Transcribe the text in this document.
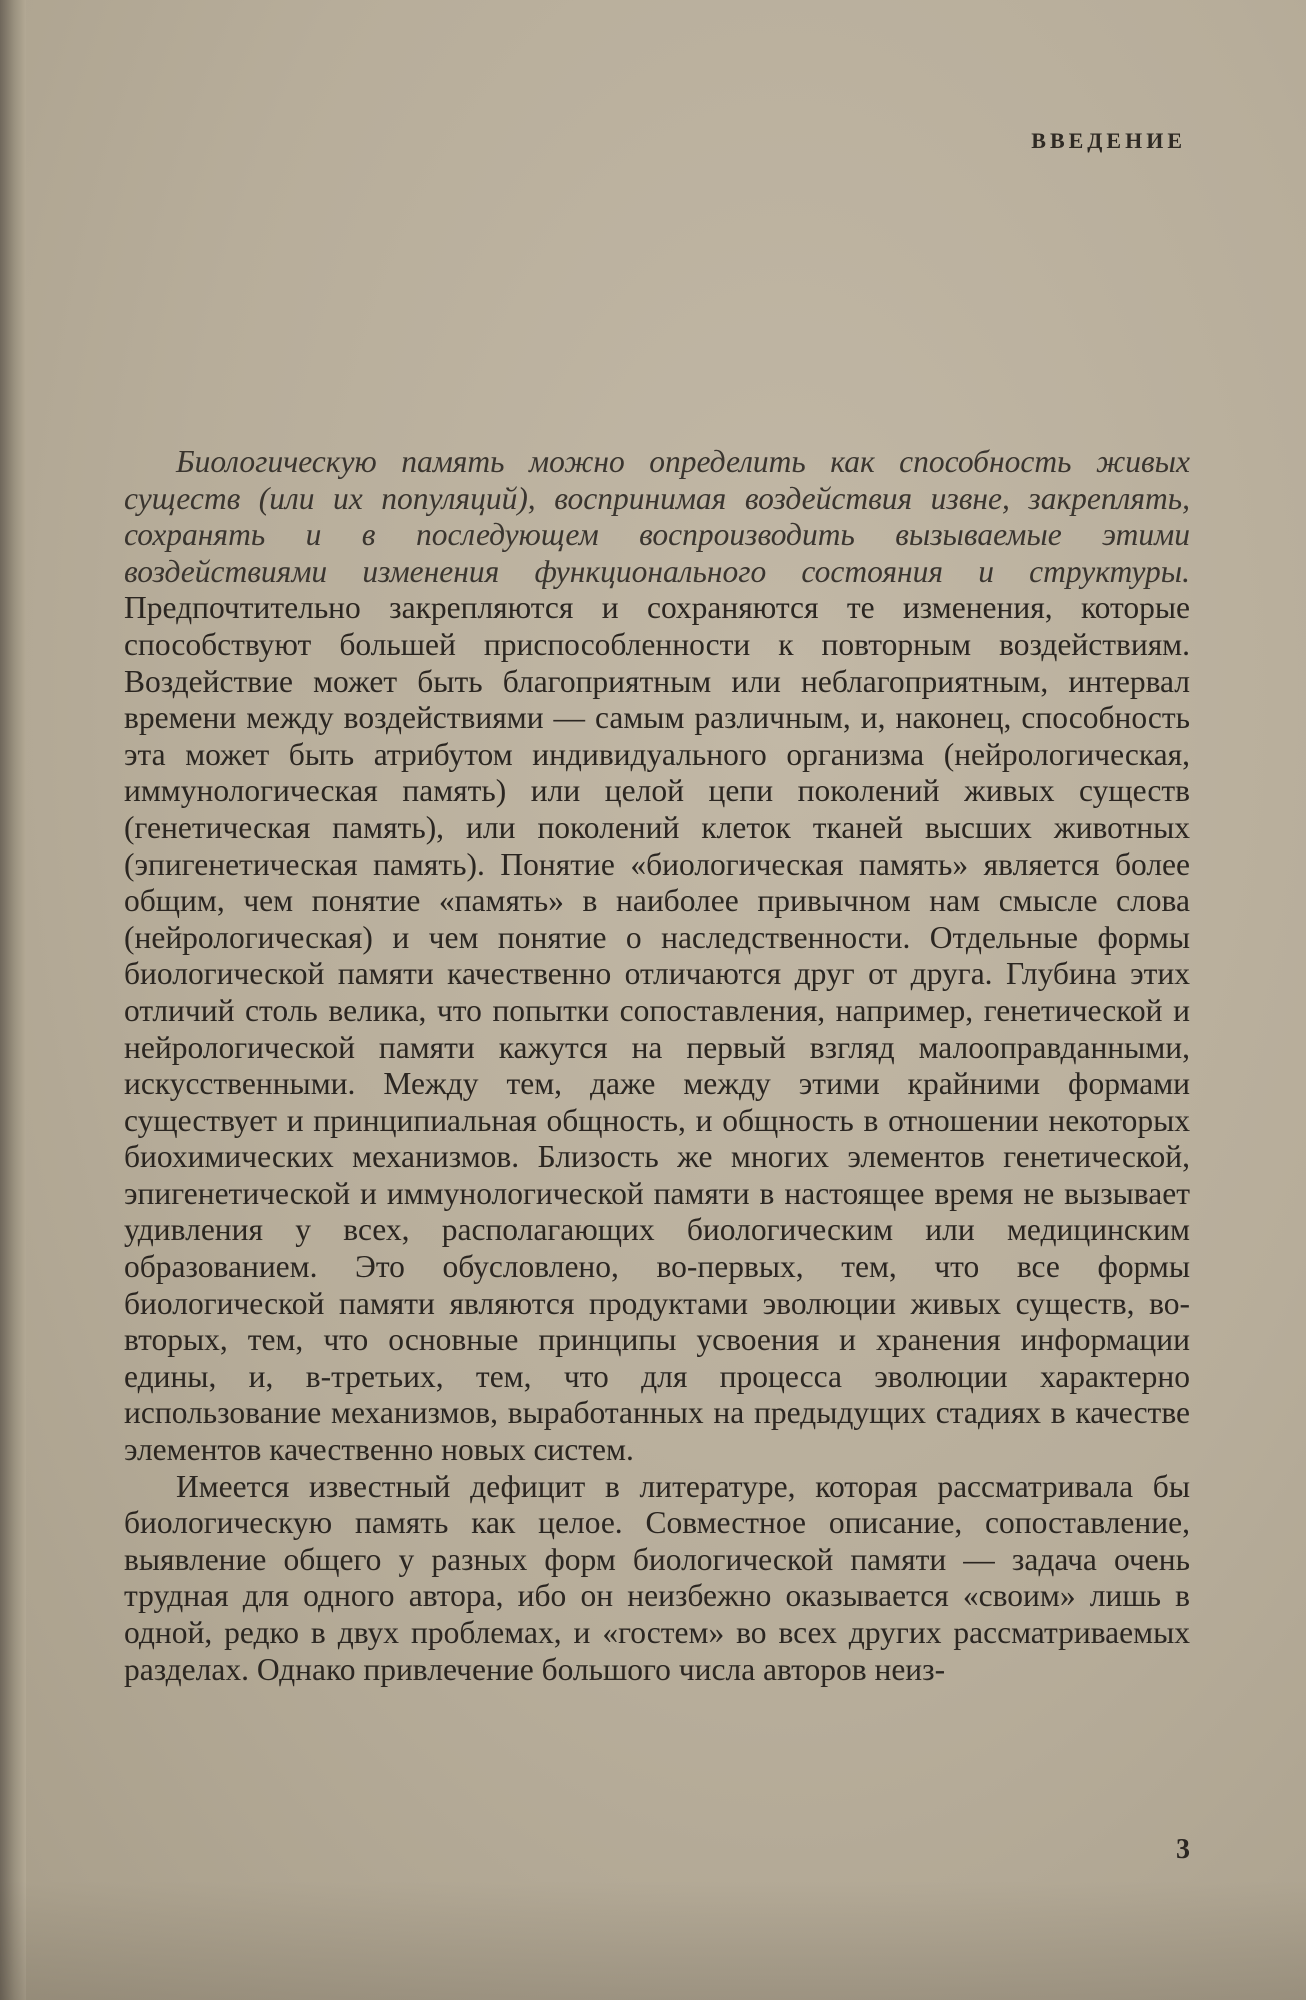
ВВЕДЕНИЕ

Биологическую память можно определить как способность живых существ (или их популяций), воспринимая воздействия извне, закреплять, сохранять и в последующем воспроизводить вызываемые этими воздействиями изменения функционального состояния и структуры. Предпочтительно закрепляются и сохраняются те изменения, которые способствуют большей приспособленности к повторным воздействиям. Воздействие может быть благоприятным или неблагоприятным, интервал времени между воздействиями — самым различным, и, наконец, способность эта может быть атрибутом индивидуального организма (нейрологическая, иммунологическая память) или целой цепи поколений живых существ (генетическая память), или поколений клеток тканей высших животных (эпигенетическая память). Понятие «биологическая память» является более общим, чем понятие «память» в наиболее привычном нам смысле слова (нейрологическая) и чем понятие о наследственности. Отдельные формы биологической памяти качественно отличаются друг от друга. Глубина этих отличий столь велика, что попытки сопоставления, например, генетической и нейрологической памяти кажутся на первый взгляд малооправданными, искусственными. Между тем, даже между этими крайними формами существует и принципиальная общность, и общность в отношении некоторых биохимических механизмов. Близость же многих элементов генетической, эпигенетической и иммунологической памяти в настоящее время не вызывает удивления у всех, располагающих биологическим или медицинским образованием. Это обусловлено, во-первых, тем, что все формы биологической памяти являются продуктами эволюции живых существ, во-вторых, тем, что основные принципы усвоения и хранения информации едины, и, в-третьих, тем, что для процесса эволюции характерно использование механизмов, выработанных на предыдущих стадиях в качестве элементов качественно новых систем.

Имеется известный дефицит в литературе, которая рассматривала бы биологическую память как целое. Совместное описание, сопоставление, выявление общего у разных форм биологической памяти — задача очень трудная для одного автора, ибо он неизбежно оказывается «своим» лишь в одной, редко в двух проблемах, и «гостем» во всех других рассматриваемых разделах. Однако привлечение большого числа авторов неиз-

3
